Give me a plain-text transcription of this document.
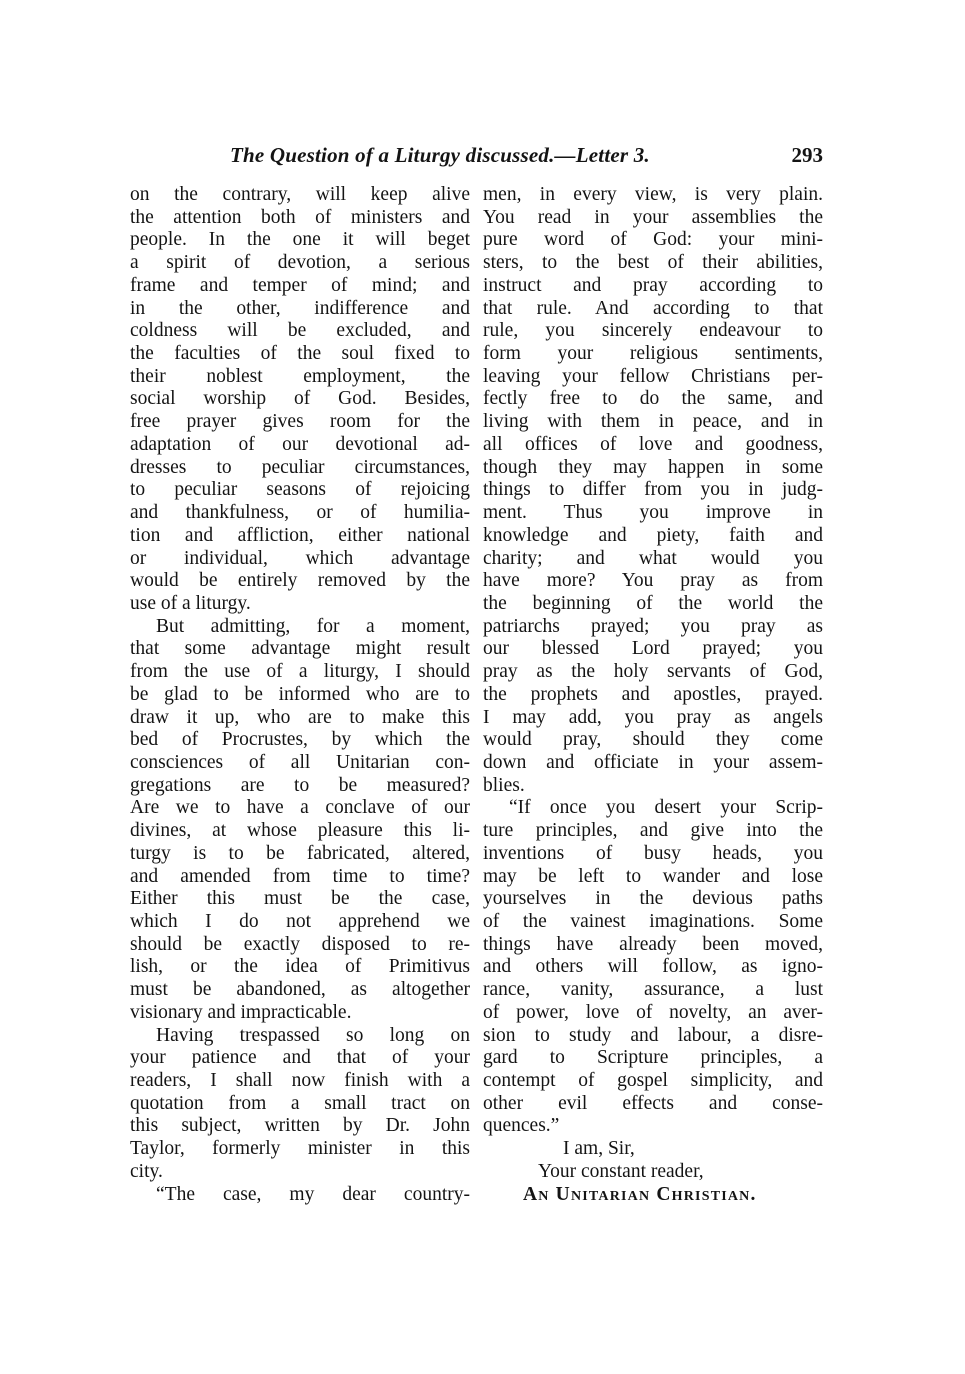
The Question of a Liturgy discussed.—Letter 3.	293
on the contrary, will keep alive
the attention both of ministers and
people. In the one it will beget
a spirit of devotion, a serious
frame and temper of mind; and
in the other, indifference and
coldness will be excluded, and
the faculties of the soul fixed to
their noblest employment, the
social worship of God. Besides,
free prayer gives room for the
adaptation of our devotional ad-
dresses to peculiar circumstances,
to peculiar seasons of rejoicing
and thankfulness, or of humilia-
tion and affliction, either national
or individual, which advantage
would be entirely removed by the
use of a liturgy.
But admitting, for a moment,
that some advantage might result
from the use of a liturgy, I should
be glad to be informed who are to
draw it up, who are to make this
bed of Procrustes, by which the
consciences of all Unitarian con-
gregations are to be measured?
Are we to have a conclave of our
divines, at whose pleasure this li-
turgy is to be fabricated, altered,
and amended from time to time?
Either this must be the case,
which I do not apprehend we
should be exactly disposed to re-
lish, or the idea of Primitivus
must be abandoned, as altogether
visionary and impracticable.
Having trespassed so long on
your patience and that of your
readers, I shall now finish with a
quotation from a small tract on
this subject, written by Dr. John
Taylor, formerly minister in this
city.
“The case, my dear country-
men, in every view, is very plain.
You read in your assemblies the
pure word of God: your mini-
sters, to the best of their abilities,
instruct and pray according to
that rule. And according to that
rule, you sincerely endeavour to
form your religious sentiments,
leaving your fellow Christians per-
fectly free to do the same, and
living with them in peace, and in
all offices of love and goodness,
though they may happen in some
things to differ from you in judg-
ment. Thus you improve in
knowledge and piety, faith and
charity; and what would you
have more? You pray as from
the beginning of the world the
patriarchs prayed; you pray as
our blessed Lord prayed; you
pray as the holy servants of God,
the prophets and apostles, prayed.
I may add, you pray as angels
would pray, should they come
down and officiate in your assem-
blies.
“If once you desert your Scrip-
ture principles, and give into the
inventions of busy heads, you
may be left to wander and lose
yourselves in the devious paths
of the vainest imaginations. Some
things have already been moved,
and others will follow, as igno-
rance, vanity, assurance, a lust
of power, love of novelty, an aver-
sion to study and labour, a disre-
gard to Scripture principles, a
contempt of gospel simplicity, and
other evil effects and conse-
quences.”
I am, Sir,
Your constant reader,
An Unitarian Christian.
